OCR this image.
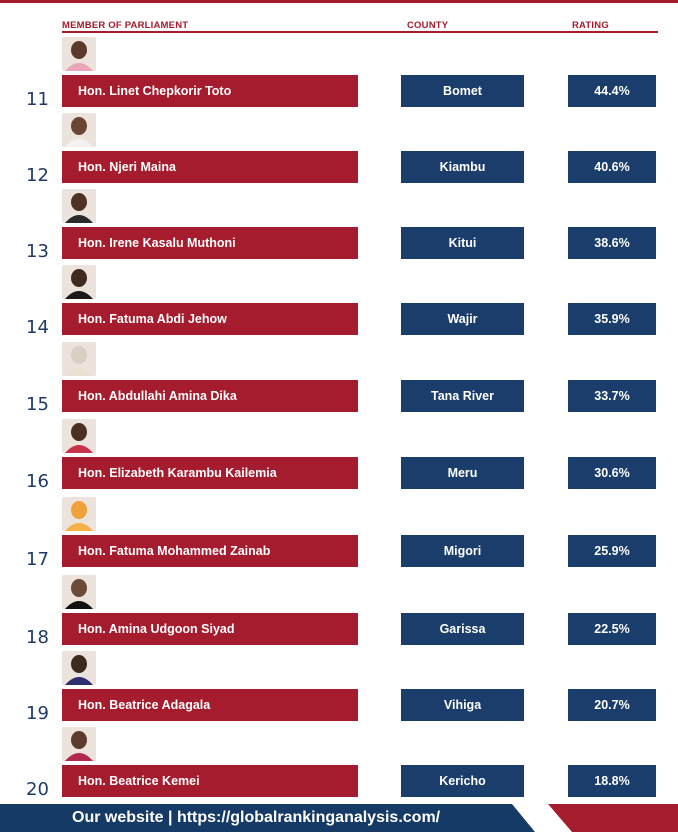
MEMBER OF PARLIAMENT	COUNTY	RATING
11	Hon. Linet Chepkorir Toto	Bomet	44.4%
12	Hon. Njeri Maina	Kiambu	40.6%
13	Hon. Irene Kasalu Muthoni	Kitui	38.6%
14	Hon. Fatuma Abdi Jehow	Wajir	35.9%
15	Hon. Abdullahi Amina Dika	Tana River	33.7%
16	Hon. Elizabeth Karambu Kailemia	Meru	30.6%
17	Hon. Fatuma Mohammed Zainab	Migori	25.9%
18	Hon. Amina Udgoon Siyad	Garissa	22.5%
19	Hon. Beatrice Adagala	Vihiga	20.7%
20	Hon. Beatrice Kemei	Kericho	18.8%
Our website | https://globalrankinganalysis.com/
